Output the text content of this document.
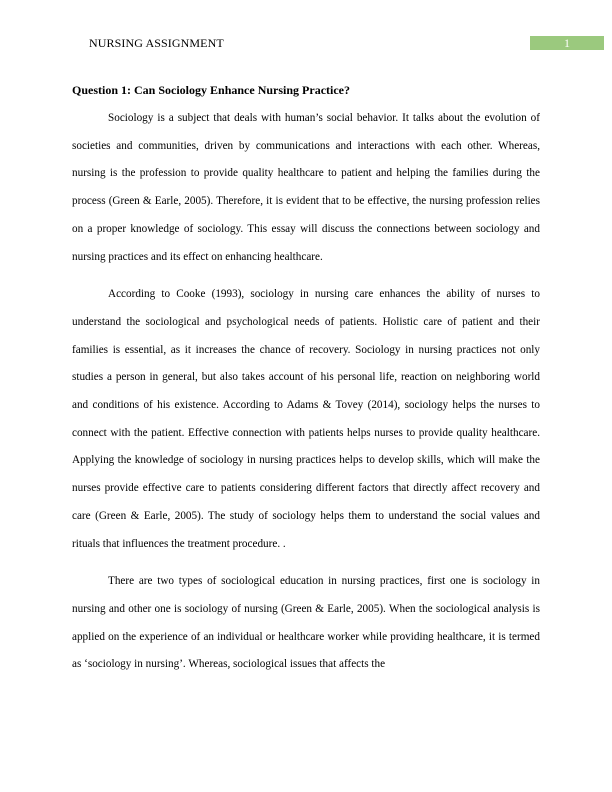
NURSING ASSIGNMENT	1
Question 1: Can Sociology Enhance Nursing Practice?

Sociology is a subject that deals with human’s social behavior. It talks about the evolution of societies and communities, driven by communications and interactions with each other. Whereas, nursing is the profession to provide quality healthcare to patient and helping the families during the process (Green & Earle, 2005). Therefore, it is evident that to be effective, the nursing profession relies on a proper knowledge of sociology. This essay will discuss the connections between sociology and nursing practices and its effect on enhancing healthcare.

According to Cooke (1993), sociology in nursing care enhances the ability of nurses to understand the sociological and psychological needs of patients. Holistic care of patient and their families is essential, as it increases the chance of recovery. Sociology in nursing practices not only studies a person in general, but also takes account of his personal life, reaction on neighboring world and conditions of his existence. According to Adams & Tovey (2014), sociology helps the nurses to connect with the patient. Effective connection with patients helps nurses to provide quality healthcare. Applying the knowledge of sociology in nursing practices helps to develop skills, which will make the nurses provide effective care to patients considering different factors that directly affect recovery and care (Green & Earle, 2005). The study of sociology helps them to understand the social values and rituals that influences the treatment procedure. .

There are two types of sociological education in nursing practices, first one is sociology in nursing and other one is sociology of nursing (Green & Earle, 2005). When the sociological analysis is applied on the experience of an individual or healthcare worker while providing healthcare, it is termed as ‘sociology in nursing’. Whereas, sociological issues that affects the
